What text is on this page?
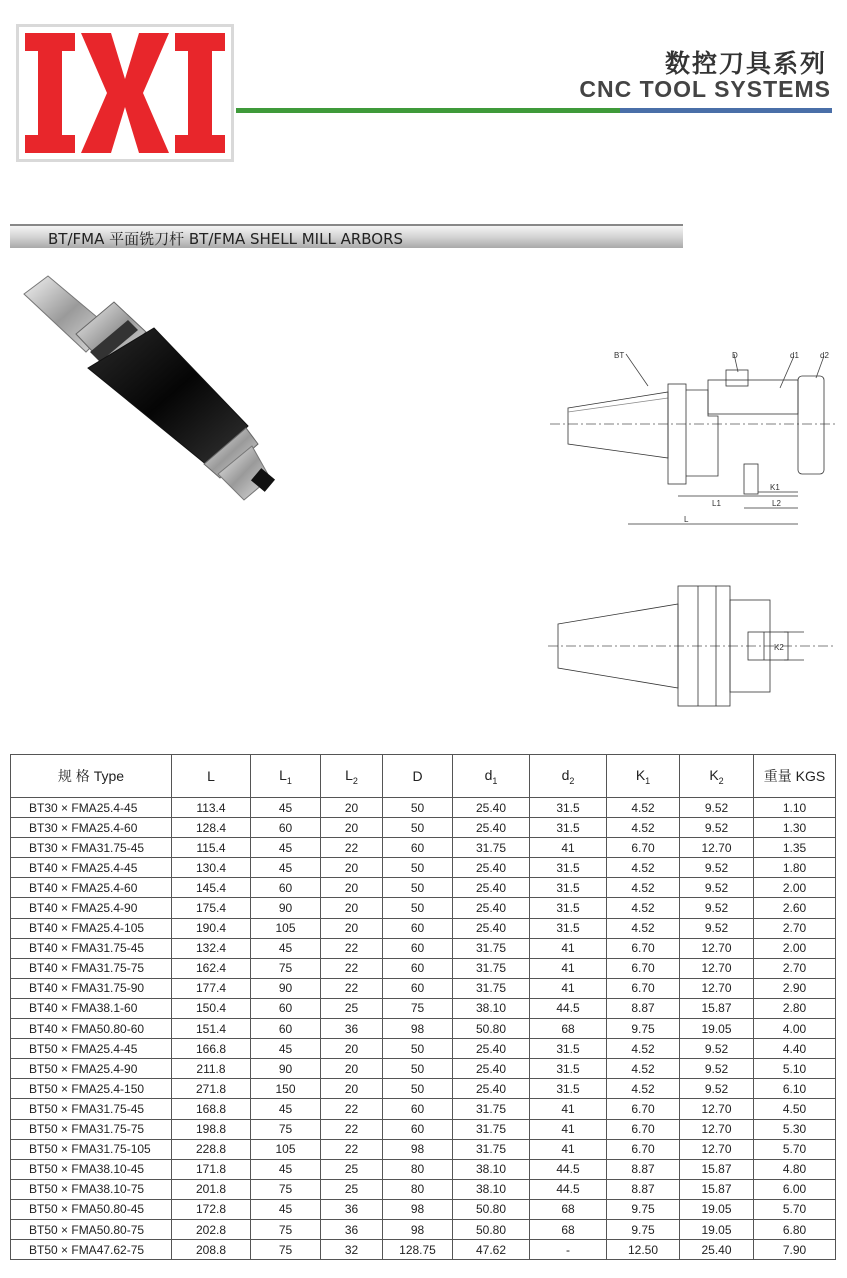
数控刀具系列
CNC TOOL SYSTEMS
BT/FMA 平面铣刀杆 BT/FMA SHELL MILL ARBORS
BT	D	d1	d2
K1
L1	L2
L
K2
规 格 Type	L	$L_1$	$L_2$	D	$d_1$	$d_2$	$K_1$	$K_2$	重量 KGS
BT30 × FMA25.4-45	113.4	45	20	50	25.40	31.5	4.52	9.52	1.10
BT30 × FMA25.4-60	128.4	60	20	50	25.40	31.5	4.52	9.52	1.30
BT30 × FMA31.75-45	115.4	45	22	60	31.75	41	6.70	12.70	1.35
BT40 × FMA25.4-45	130.4	45	20	50	25.40	31.5	4.52	9.52	1.80
BT40 × FMA25.4-60	145.4	60	20	50	25.40	31.5	4.52	9.52	2.00
BT40 × FMA25.4-90	175.4	90	20	50	25.40	31.5	4.52	9.52	2.60
BT40 × FMA25.4-105	190.4	105	20	60	25.40	31.5	4.52	9.52	2.70
BT40 × FMA31.75-45	132.4	45	22	60	31.75	41	6.70	12.70	2.00
BT40 × FMA31.75-75	162.4	75	22	60	31.75	41	6.70	12.70	2.70
BT40 × FMA31.75-90	177.4	90	22	60	31.75	41	6.70	12.70	2.90
BT40 × FMA38.1-60	150.4	60	25	75	38.10	44.5	8.87	15.87	2.80
BT40 × FMA50.80-60	151.4	60	36	98	50.80	68	9.75	19.05	4.00
BT50 × FMA25.4-45	166.8	45	20	50	25.40	31.5	4.52	9.52	4.40
BT50 × FMA25.4-90	211.8	90	20	50	25.40	31.5	4.52	9.52	5.10
BT50 × FMA25.4-150	271.8	150	20	50	25.40	31.5	4.52	9.52	6.10
BT50 × FMA31.75-45	168.8	45	22	60	31.75	41	6.70	12.70	4.50
BT50 × FMA31.75-75	198.8	75	22	60	31.75	41	6.70	12.70	5.30
BT50 × FMA31.75-105	228.8	105	22	98	31.75	41	6.70	12.70	5.70
BT50 × FMA38.10-45	171.8	45	25	80	38.10	44.5	8.87	15.87	4.80
BT50 × FMA38.10-75	201.8	75	25	80	38.10	44.5	8.87	15.87	6.00
BT50 × FMA50.80-45	172.8	45	36	98	50.80	68	9.75	19.05	5.70
BT50 × FMA50.80-75	202.8	75	36	98	50.80	68	9.75	19.05	6.80
BT50 × FMA47.62-75	208.8	75	32	128.75	47.62	-	12.50	25.40	7.90
